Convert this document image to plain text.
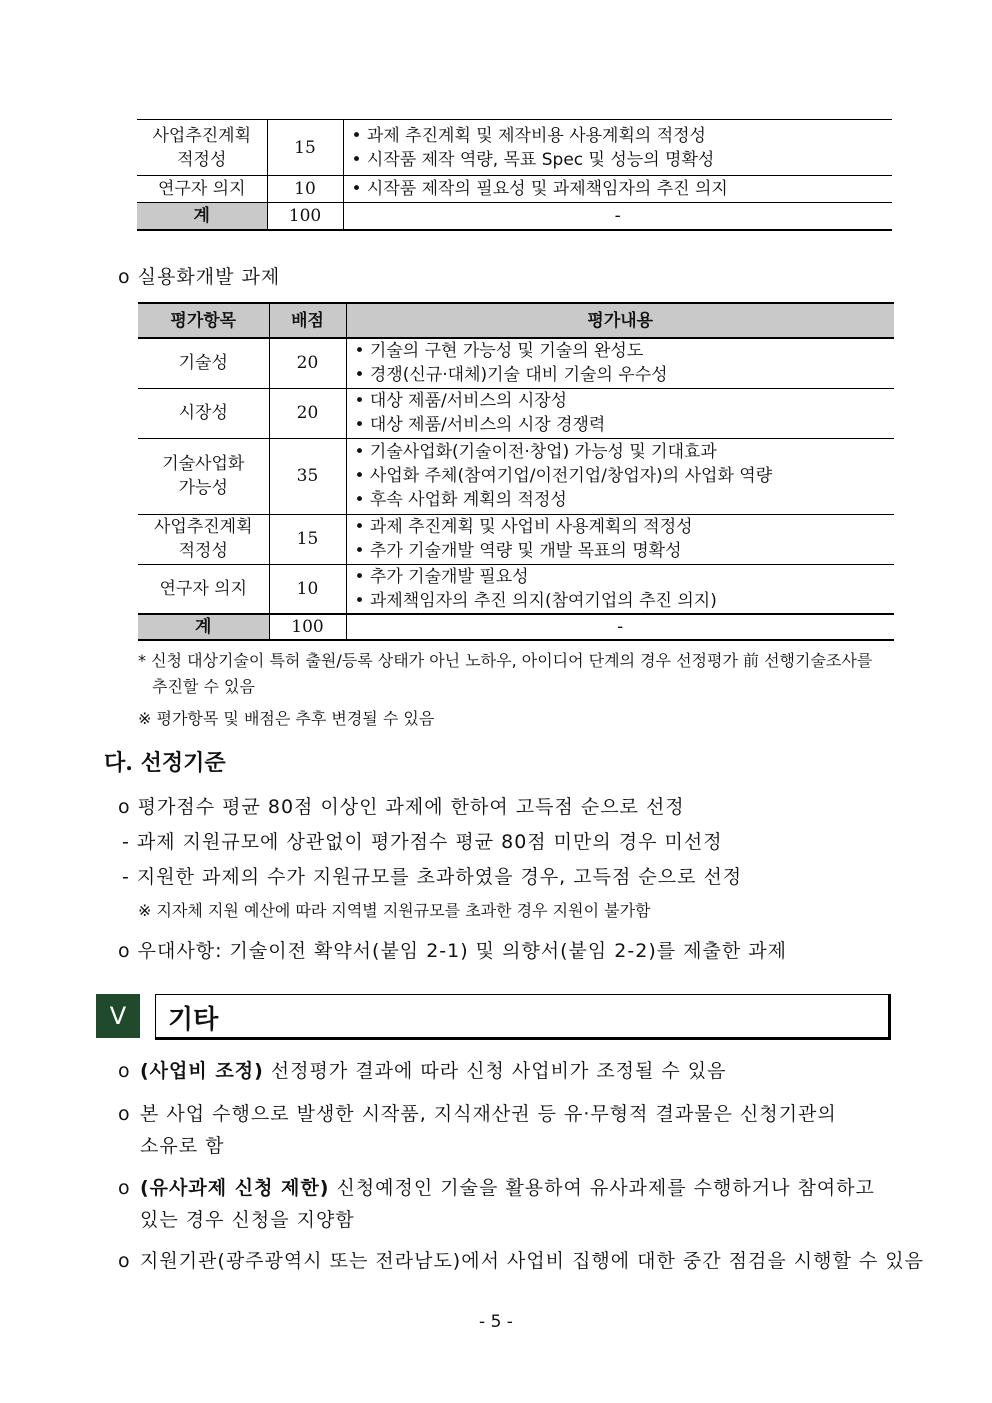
사업추진계획
적정성	15	• 과제 추진계획 및 제작비용 사용계획의 적정성
• 시작품 제작 역량, 목표 Spec 및 성능의 명확성

연구자 의지	10	• 시작품 제작의 필요성 및 과제책임자의 추진 의지
계	100	-
o 실용화개발 과제
평가항목	배점	평가내용
기술성	20	• 기술의 구현 가능성 및 기술의 완성도
• 경쟁(신규·대체)기술 대비 기술의 우수성

시장성	20	• 대상 제품/서비스의 시장성
• 대상 제품/서비스의 시장 경쟁력

기술사업화
가능성	35	• 기술사업화(기술이전·창업) 가능성 및 기대효과
• 사업화 주체(참여기업/이전기업/창업자)의 사업화 역량
• 후속 사업화 계획의 적정성

사업추진계획
적정성	15	• 과제 추진계획 및 사업비 사용계획의 적정성
• 추가 기술개발 역량 및 개발 목표의 명확성

연구자 의지	10	• 추가 기술개발 필요성
• 과제책임자의 추진 의지(참여기업의 추진 의지)

계	100	-
* 신청 대상기술이 특허 출원/등록 상태가 아닌 노하우, 아이디어 단계의 경우 선정평가 前 선행기술조사를
추진할 수 있음
※ 평가항목 및 배점은 추후 변경될 수 있음
다. 선정기준
o 평가점수 평균 80점 이상인 과제에 한하여 고득점 순으로 선정
- 과제 지원규모에 상관없이 평가점수 평균 80점 미만의 경우 미선정
- 지원한 과제의 수가 지원규모를 초과하였을 경우, 고득점 순으로 선정
※ 지자체 지원 예산에 따라 지역별 지원규모를 초과한 경우 지원이 불가함
o 우대사항: 기술이전 확약서(붙임 2-1) 및 의향서(붙임 2-2)를 제출한 과제
V	기타
o (사업비 조정) 선정평가 결과에 따라 신청 사업비가 조정될 수 있음
o 본 사업 수행으로 발생한 시작품, 지식재산권 등 유·무형적 결과물은 신청기관의
소유로 함
o (유사과제 신청 제한) 신청예정인 기술을 활용하여 유사과제를 수행하거나 참여하고
있는 경우 신청을 지양함
o 지원기관(광주광역시 또는 전라남도)에서 사업비 집행에 대한 중간 점검을 시행할 수 있음
- 5 -
